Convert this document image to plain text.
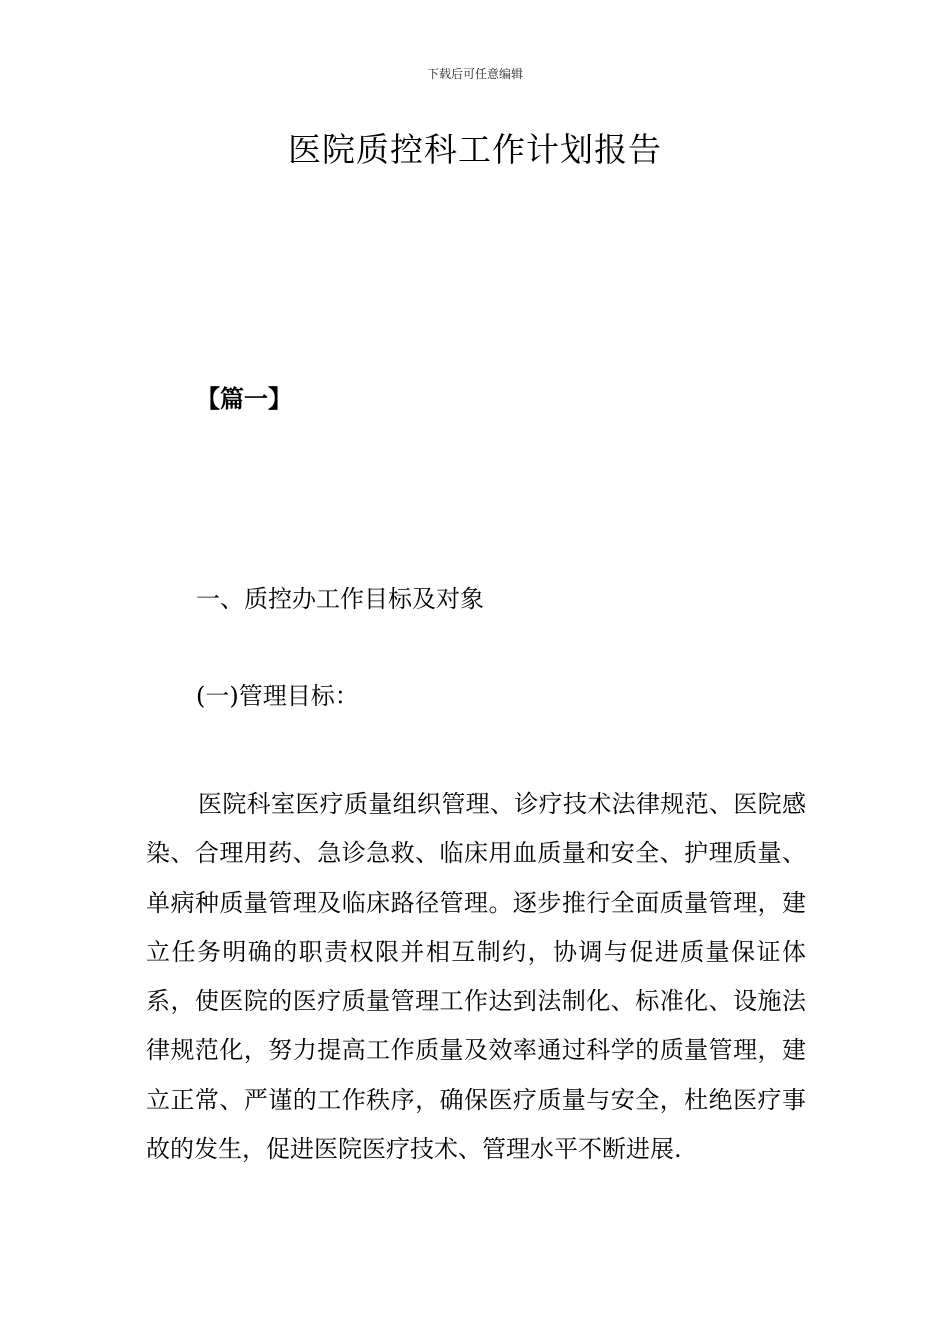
下载后可任意编辑
医院质控科工作计划报告
【篇一】
一、质控办工作目标及对象
(一)管理目标：

医院科室医疗质量组织管理、诊疗技术法律规范、医院感染、合理用药、急诊急救、临床用血质量和安全、护理质量、单病种质量管理及临床路径管理。逐步推行全面质量管理，建立任务明确的职责权限并相互制约，协调与促进质量保证体系，使医院的医疗质量管理工作达到法制化、标准化、设施法律规范化，努力提高工作质量及效率通过科学的质量管理，建立正常、严谨的工作秩序，确保医疗质量与安全，杜绝医疗事故的发生，促进医院医疗技术、管理水平不断进展.
